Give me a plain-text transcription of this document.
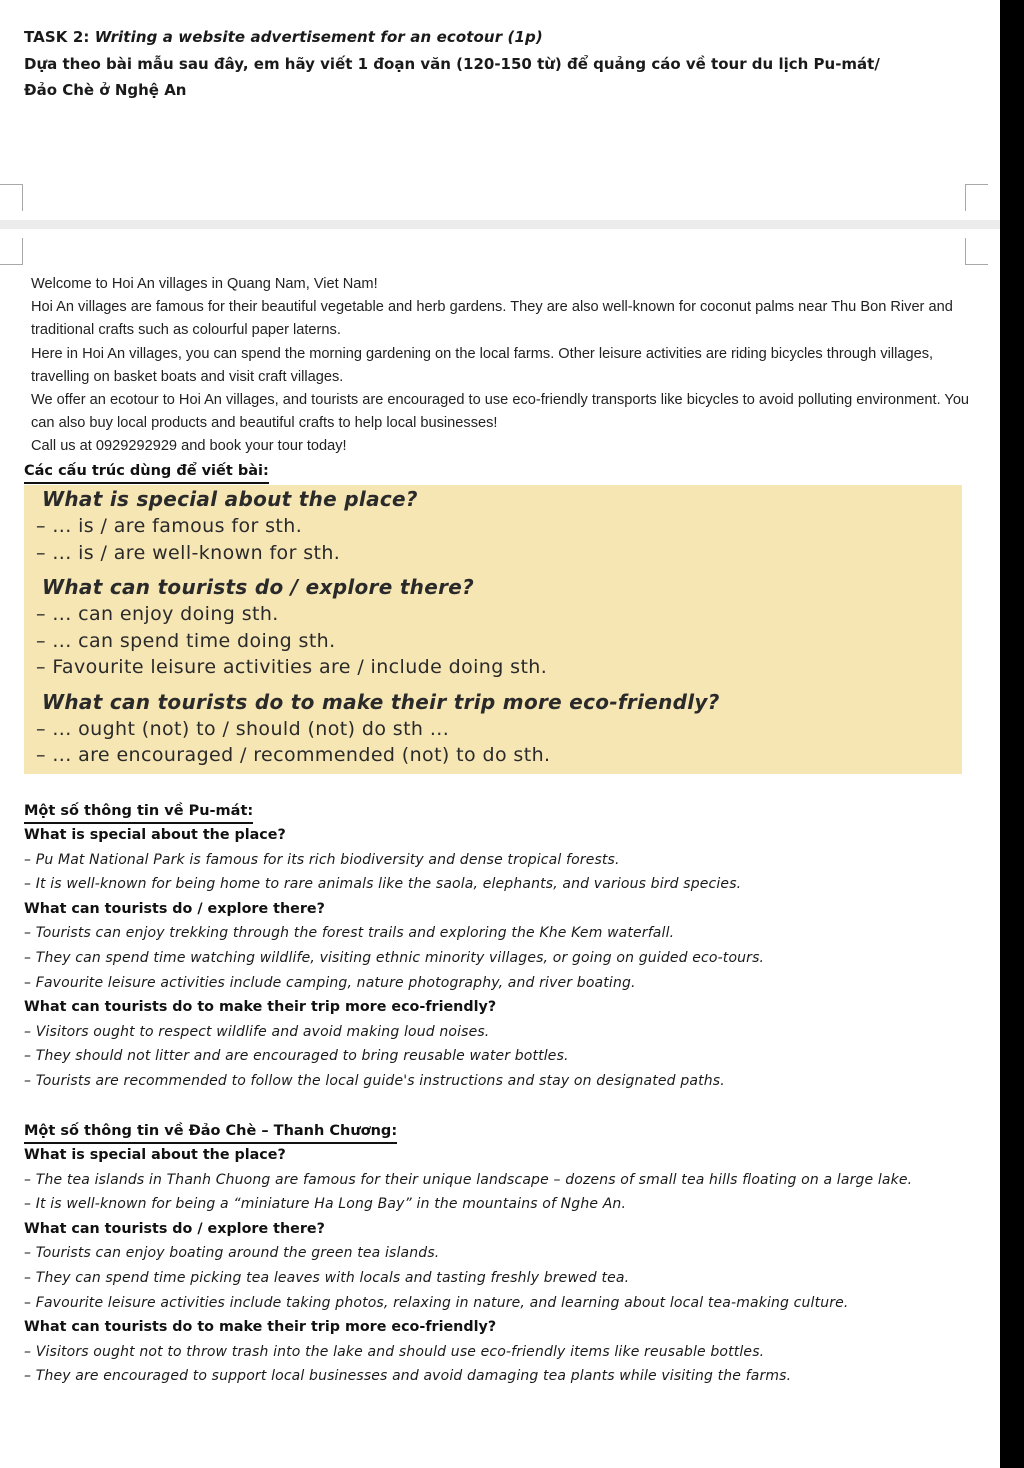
TASK 2: Writing a website advertisement for an ecotour (1p)
Dựa theo bài mẫu sau đây, em hãy viết 1 đoạn văn (120-150 từ) để quảng cáo về tour du lịch Pu-mát/Đảo Chè ở Nghệ An

Welcome to Hoi An villages in Quang Nam, Viet Nam!

Hoi An villages are famous for their beautiful vegetable and herb gardens. They are also well-known for coconut palms near Thu Bon River and traditional crafts such as colourful paper laterns.

Here in Hoi An villages, you can spend the morning gardening on the local farms. Other leisure activities are riding bicycles through villages, travelling on basket boats and visit craft villages.

We offer an ecotour to Hoi An villages, and tourists are encouraged to use eco-friendly transports like bicycles to avoid polluting environment. You can also buy local products and beautiful crafts to help local businesses!

Call us at 0929292929 and book your tour today!

Các cấu trúc dùng để viết bài:
What is special about the place?
– ... is / are famous for sth.
– ... is / are well-known for sth.
What can tourists do / explore there?
– ... can enjoy doing sth.
– ... can spend time doing sth.
– Favourite leisure activities are / include doing sth.
What can tourists do to make their trip more eco-friendly?
– ... ought (not) to / should (not) do sth ...
– ... are encouraged / recommended (not) to do sth.
Một số thông tin về Pu-mát:
What is special about the place?
– Pu Mat National Park is famous for its rich biodiversity and dense tropical forests.
– It is well-known for being home to rare animals like the saola, elephants, and various bird species.
What can tourists do / explore there?
– Tourists can enjoy trekking through the forest trails and exploring the Khe Kem waterfall.
– They can spend time watching wildlife, visiting ethnic minority villages, or going on guided eco-tours.
– Favourite leisure activities include camping, nature photography, and river boating.
What can tourists do to make their trip more eco-friendly?
– Visitors ought to respect wildlife and avoid making loud noises.
– They should not litter and are encouraged to bring reusable water bottles.
– Tourists are recommended to follow the local guide's instructions and stay on designated paths.
Một số thông tin về Đảo Chè – Thanh Chương:
What is special about the place?
– The tea islands in Thanh Chuong are famous for their unique landscape – dozens of small tea hills floating on a large lake.
– It is well-known for being a “miniature Ha Long Bay” in the mountains of Nghe An.
What can tourists do / explore there?
– Tourists can enjoy boating around the green tea islands.
– They can spend time picking tea leaves with locals and tasting freshly brewed tea.
– Favourite leisure activities include taking photos, relaxing in nature, and learning about local tea-making culture.
What can tourists do to make their trip more eco-friendly?
– Visitors ought not to throw trash into the lake and should use eco-friendly items like reusable bottles.
– They are encouraged to support local businesses and avoid damaging tea plants while visiting the farms.
